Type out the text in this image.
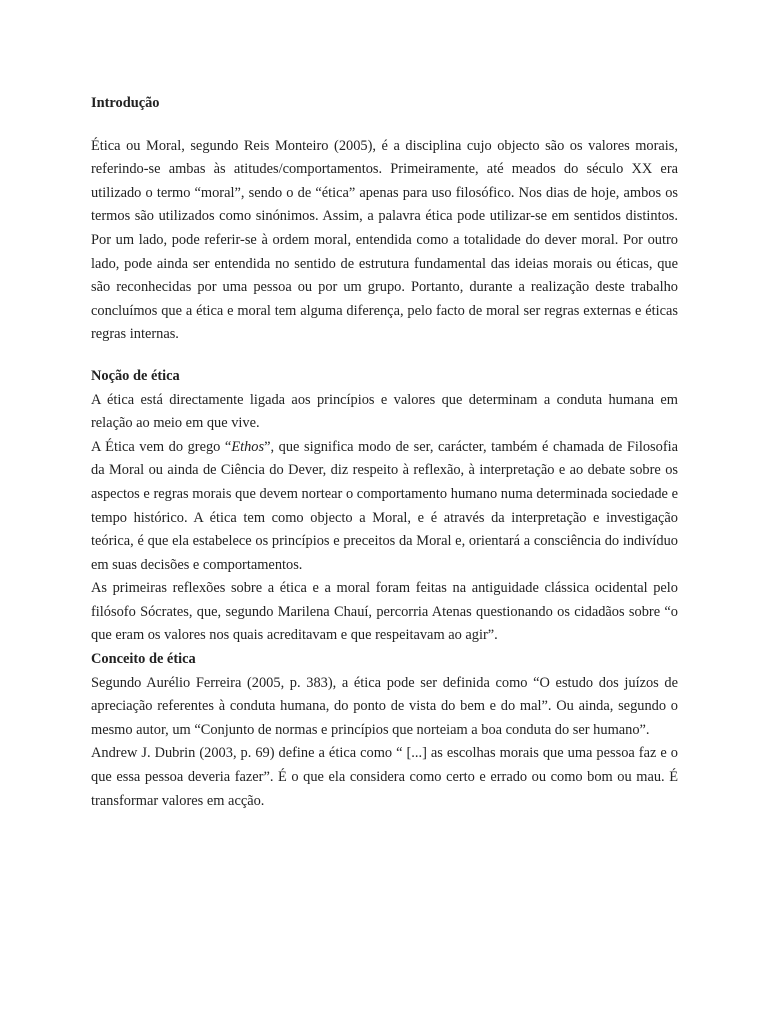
Introdução

Ética ou Moral, segundo Reis Monteiro (2005), é a disciplina cujo objecto são os valores morais, referindo-se ambas às atitudes/comportamentos. Primeiramente, até meados do século XX era utilizado o termo “moral”, sendo o de “ética” apenas para uso filosófico. Nos dias de hoje, ambos os termos são utilizados como sinónimos. Assim, a palavra ética pode utilizar-se em sentidos distintos. Por um lado, pode referir-se à ordem moral, entendida como a totalidade do dever moral. Por outro lado, pode ainda ser entendida no sentido de estrutura fundamental das ideias morais ou éticas, que são reconhecidas por uma pessoa ou por um grupo. Portanto, durante a realização deste trabalho concluímos que a ética e moral tem alguma diferença, pelo facto de moral ser regras externas e éticas regras internas.

Noção de ética

A ética está directamente ligada aos princípios e valores que determinam a conduta humana em relação ao meio em que vive.

A Ética vem do grego “Ethos”, que significa modo de ser, carácter, também é chamada de Filosofia da Moral ou ainda de Ciência do Dever, diz respeito à reflexão, à interpretação e ao debate sobre os aspectos e regras morais que devem nortear o comportamento humano numa determinada sociedade e tempo histórico. A ética tem como objecto a Moral, e é através da interpretação e investigação teórica, é que ela estabelece os princípios e preceitos da Moral e, orientará a consciência do indivíduo em suas decisões e comportamentos.

As primeiras reflexões sobre a ética e a moral foram feitas na antiguidade clássica ocidental pelo filósofo Sócrates, que, segundo Marilena Chauí, percorria Atenas questionando os cidadãos sobre “o que eram os valores nos quais acreditavam e que respeitavam ao agir”.

Conceito de ética

Segundo Aurélio Ferreira (2005, p. 383), a ética pode ser definida como “O estudo dos juízos de apreciação referentes à conduta humana, do ponto de vista do bem e do mal”. Ou ainda, segundo o mesmo autor, um “Conjunto de normas e princípios que norteiam a boa conduta do ser humano”.

Andrew J. Dubrin (2003, p. 69) define a ética como “ [...] as escolhas morais que uma pessoa faz e o que essa pessoa deveria fazer”. É o que ela considera como certo e errado ou como bom ou mau. É transformar valores em acção.
